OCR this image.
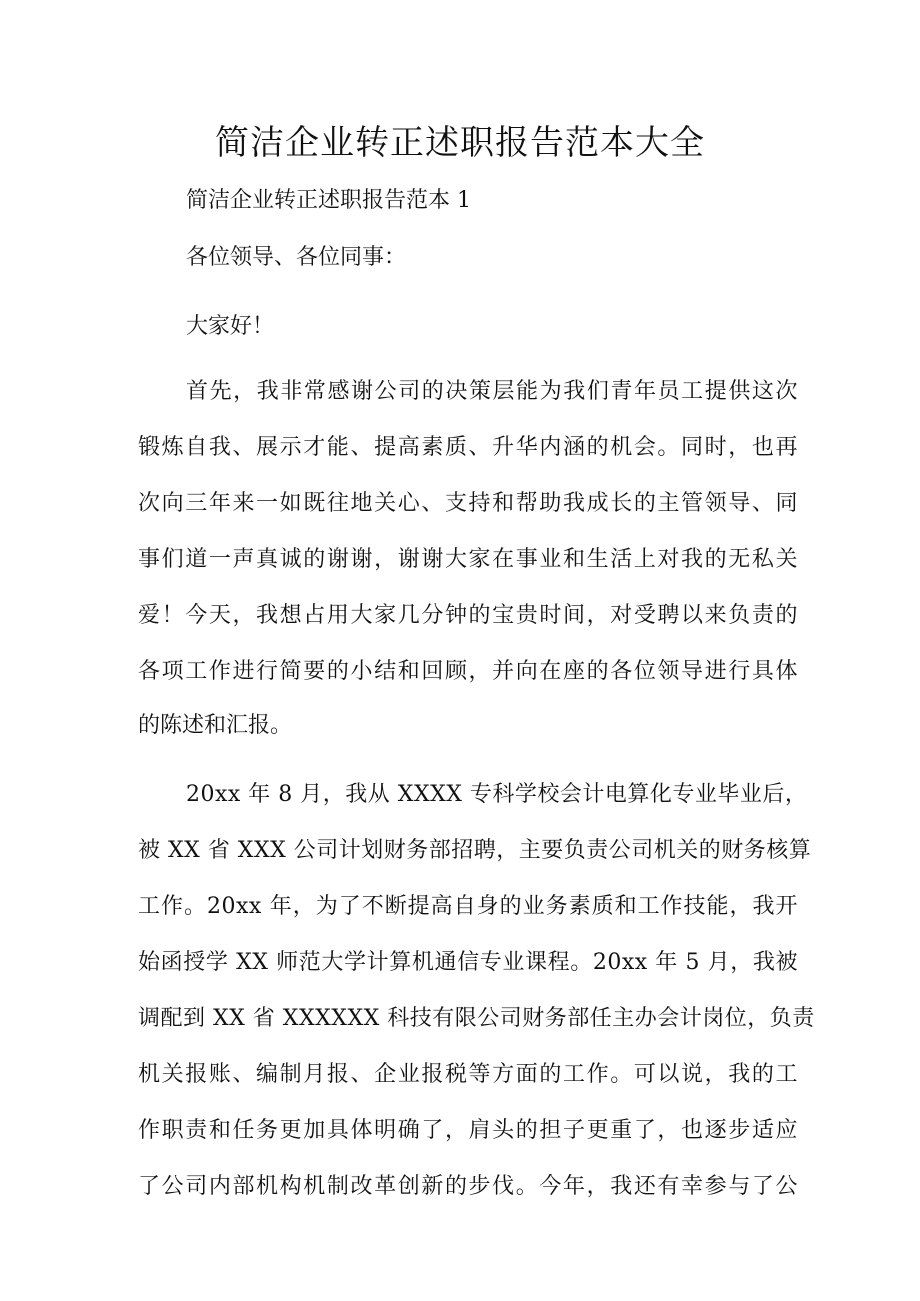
简洁企业转正述职报告范本大全

简洁企业转正述职报告范本 1

各位领导、各位同事：

大家好！

首先，我非常感谢公司的决策层能为我们青年员工提供这次

锻炼自我、展示才能、提高素质、升华内涵的机会。同时，也再

次向三年来一如既往地关心、支持和帮助我成长的主管领导、同

事们道一声真诚的谢谢，谢谢大家在事业和生活上对我的无私关

爱！今天，我想占用大家几分钟的宝贵时间，对受聘以来负责的

各项工作进行简要的小结和回顾，并向在座的各位领导进行具体

的陈述和汇报。

20xx 年 8 月，我从 XXXX 专科学校会计电算化专业毕业后，

被 XX 省 XXX 公司计划财务部招聘，主要负责公司机关的财务核算

工作。20xx 年，为了不断提高自身的业务素质和工作技能，我开

始函授学 XX 师范大学计算机通信专业课程。20xx 年 5 月，我被

调配到 XX 省 XXXXXX 科技有限公司财务部任主办会计岗位，负责

机关报账、编制月报、企业报税等方面的工作。可以说，我的工

作职责和任务更加具体明确了，肩头的担子更重了，也逐步适应

了公司内部机构机制改革创新的步伐。今年，我还有幸参与了公
